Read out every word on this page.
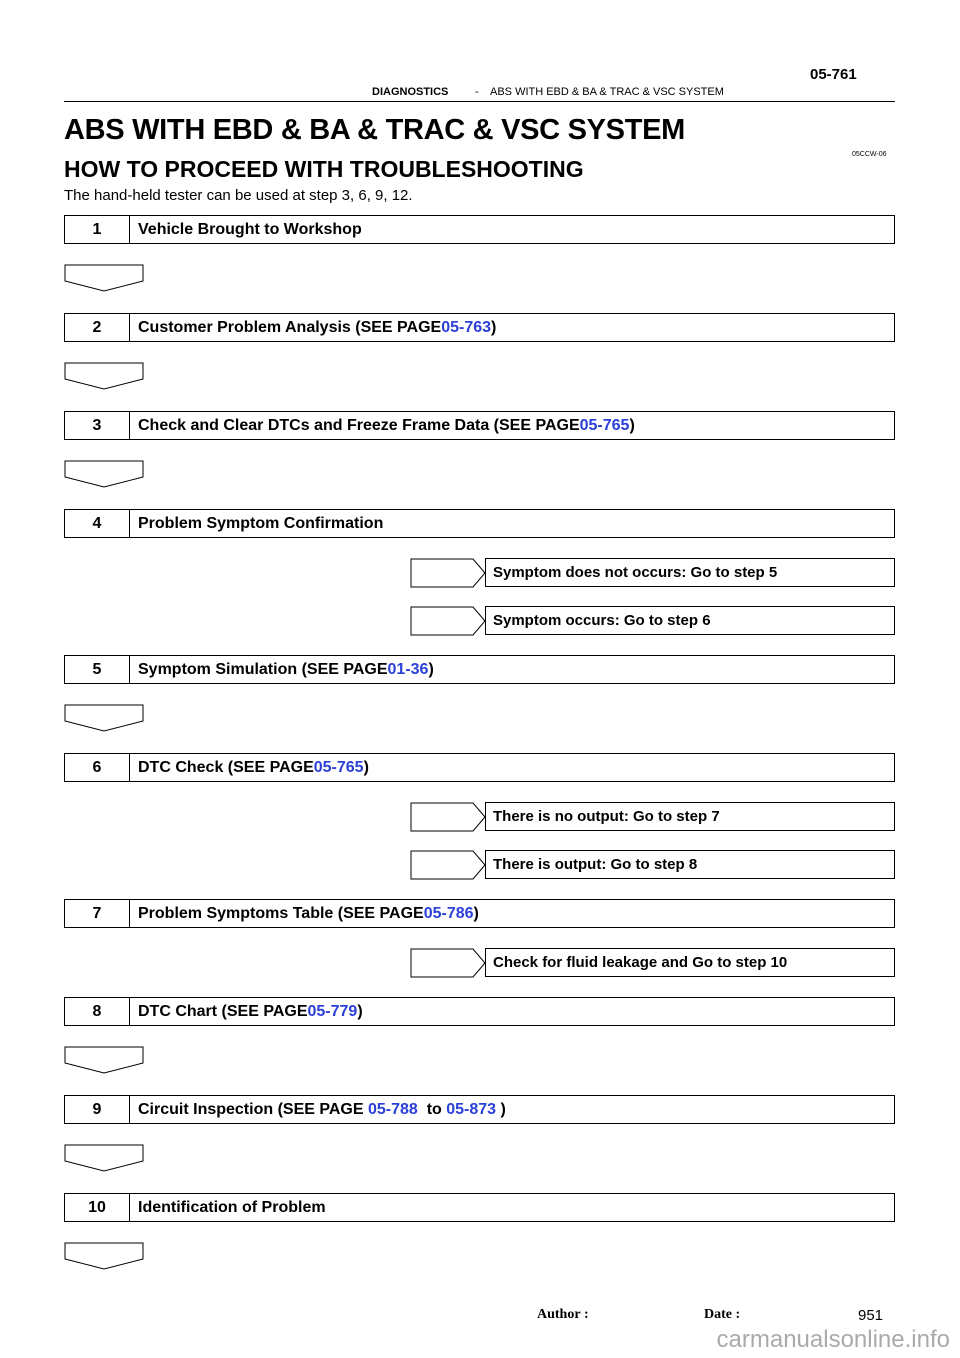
05-761
DIAGNOSTICS - ABS WITH EBD & BA & TRAC & VSC SYSTEM
ABS WITH EBD & BA & TRAC & VSC SYSTEM
05CCW-06
HOW TO PROCEED WITH TROUBLESHOOTING
The hand-held tester can be used at step 3, 6, 9, 12.
1	Vehicle Brought to Workshop
2	Customer Problem Analysis (SEE PAGE 05-763 )
3	Check and Clear DTCs and Freeze Frame Data (SEE PAGE 05-765 )
4	Problem Symptom Confirmation
Symptom does not occurs: Go to step 5
Symptom occurs: Go to step 6
5	Symptom Simulation (SEE PAGE 01-36 )
6	DTC Check (SEE PAGE 05-765 )
There is no output: Go to step 7
There is output: Go to step 8
7	Problem Symptoms Table (SEE PAGE 05-786 )
Check for fluid leakage and Go to step 10
8	DTC Chart (SEE PAGE 05-779 )
9	Circuit Inspection (SEE PAGE 05-788 to 05-873 )
10	Identification of Problem
Author :	Date :	951
carmanualsonline.info
